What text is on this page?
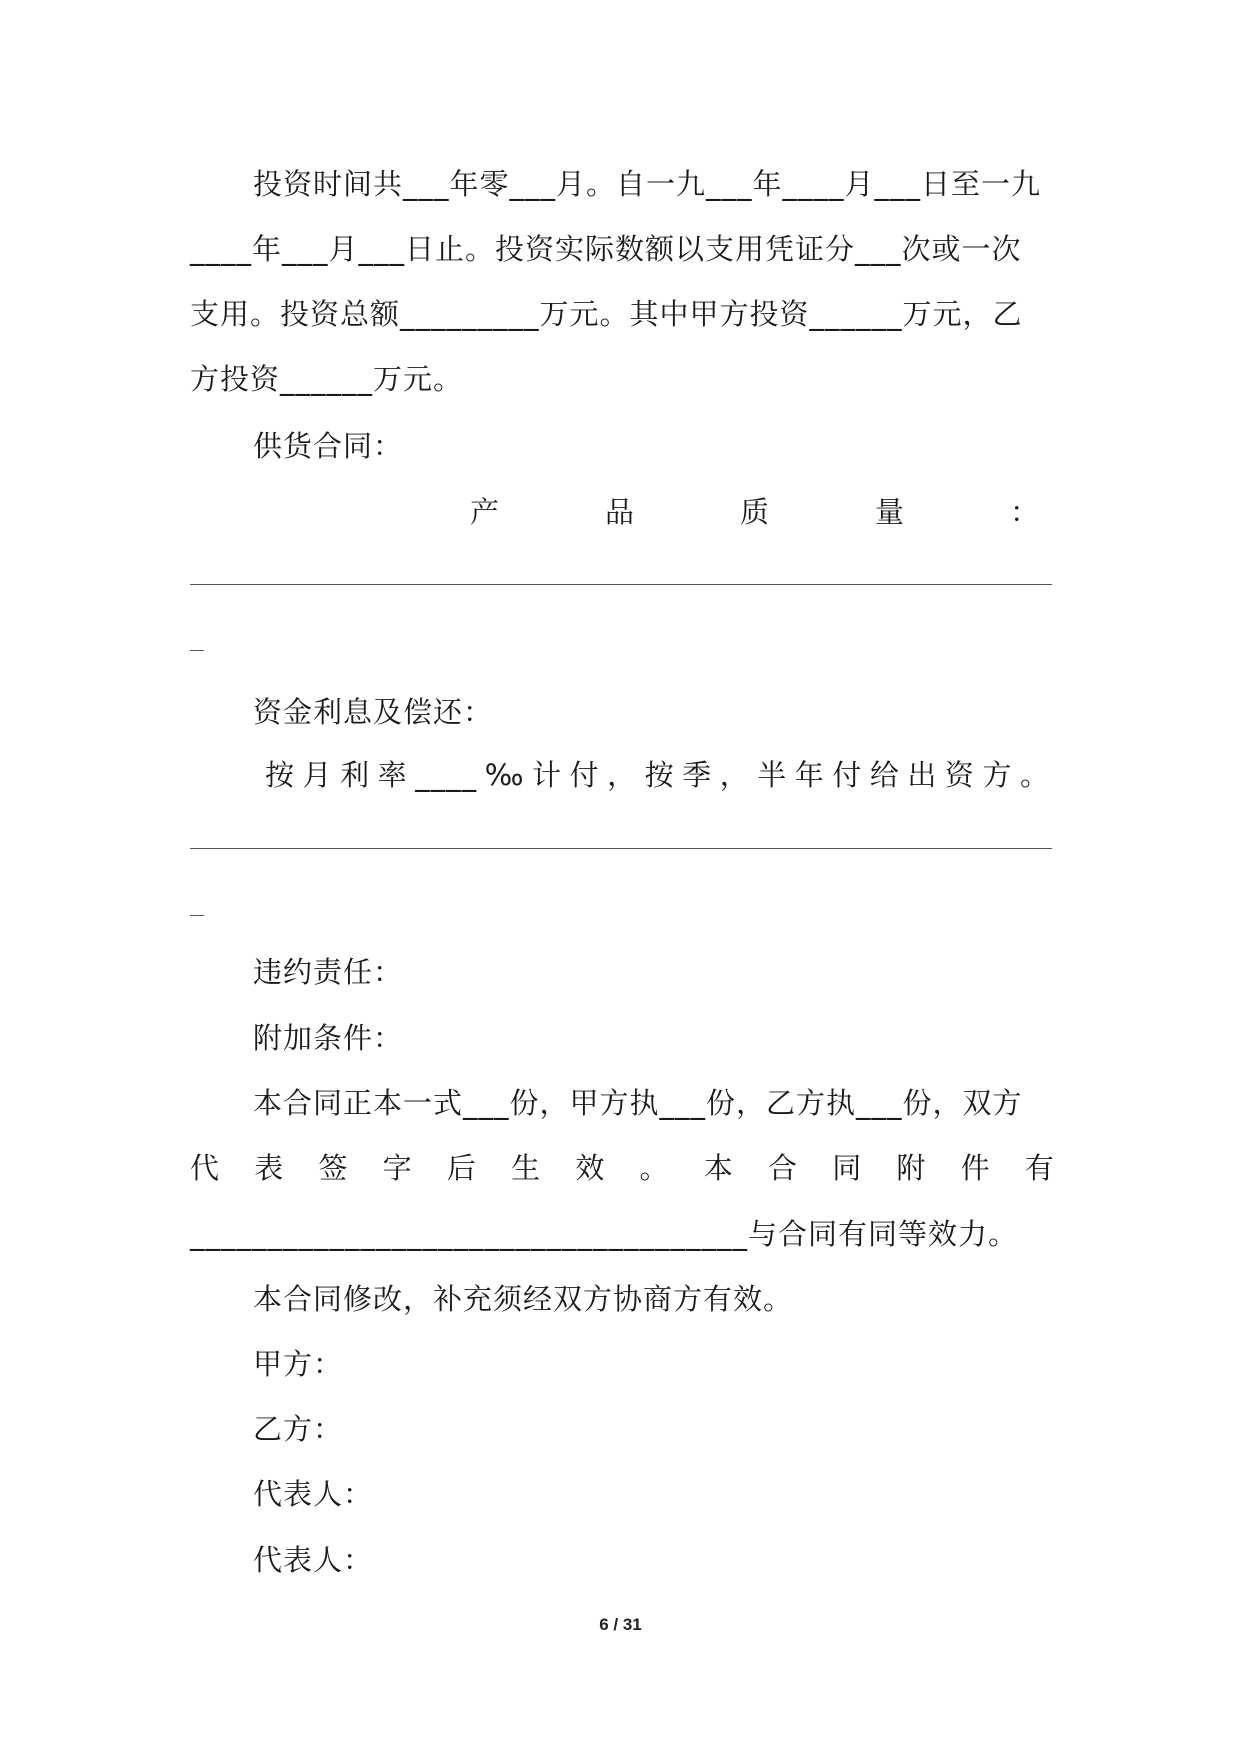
投资时间共___年零___月。自一九___年____月___日至一九
____年___月___日止。投资实际数额以支用凭证分___次或一次
支用。投资总额_________万元。其中甲方投资______万元，乙
方投资______万元。
供货合同：
产	品	质	量	：
资金利息及偿还：
按 月 利 率 ____ ‰ 计 付 ， 按 季 ， 半 年 付 给 出 资 方 。
违约责任：
附加条件：
本合同正本一式___份，甲方执___份，乙方执___份，双方
代 表 签 字 后 生 效 。 本 合 同 附 件 有
____________________________________与合同有同等效力。
本合同修改，补充须经双方协商方有效。
甲方：
乙方：
代表人：
代表人：
6 / 31
